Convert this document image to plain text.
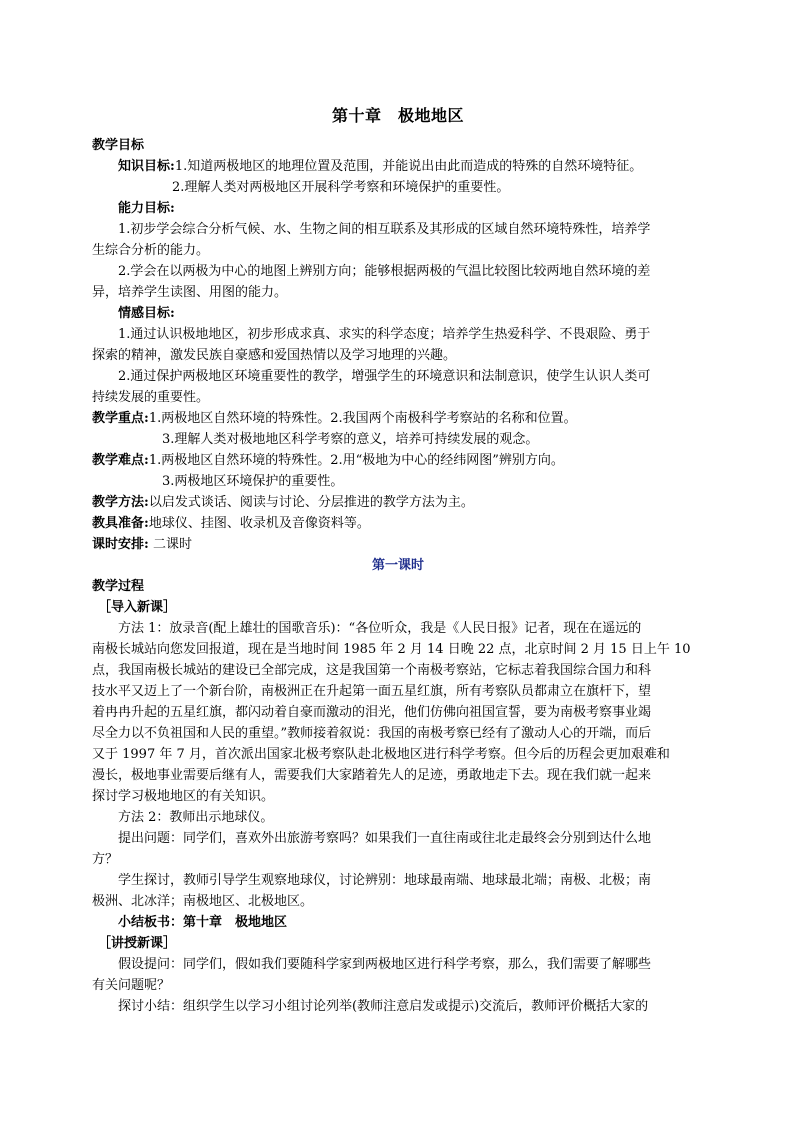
第十章　极地地区
教学目标
知识目标:1.知道两极地区的地理位置及范围，并能说出由此而造成的特殊的自然环境特征。
2.理解人类对两极地区开展科学考察和环境保护的重要性。
能力目标:
1.初步学会综合分析气候、水、生物之间的相互联系及其形成的区域自然环境特殊性，培养学
生综合分析的能力。
2.学会在以两极为中心的地图上辨别方向；能够根据两极的气温比较图比较两地自然环境的差
异，培养学生读图、用图的能力。
情感目标:
1.通过认识极地地区，初步形成求真、求实的科学态度；培养学生热爱科学、不畏艰险、勇于
探索的精神，激发民族自豪感和爱国热情以及学习地理的兴趣。
2.通过保护两极地区环境重要性的教学，增强学生的环境意识和法制意识，使学生认识人类可
持续发展的重要性。
教学重点:1.两极地区自然环境的特殊性。2.我国两个南极科学考察站的名称和位置。
3.理解人类对极地地区科学考察的意义，培养可持续发展的观念。
教学难点:1.两极地区自然环境的特殊性。2.用“极地为中心的经纬网图”辨别方向。
3.两极地区环境保护的重要性。
教学方法:以启发式谈话、阅读与讨论、分层推进的教学方法为主。
教具准备:地球仪、挂图、收录机及音像资料等。
课时安排: 二课时
第一课时
教学过程
［导入新课］
方法 1：放录音(配上雄壮的国歌音乐)：“各位听众，我是《人民日报》记者，现在在遥远的
南极长城站向您发回报道，现在是当地时间 1985 年 2 月 14 日晚 22 点，北京时间 2 月 15 日上午 10
点，我国南极长城站的建设已全部完成，这是我国第一个南极考察站，它标志着我国综合国力和科
技水平又迈上了一个新台阶，南极洲正在升起第一面五星红旗，所有考察队员都肃立在旗杆下，望
着冉冉升起的五星红旗，都闪动着自豪而激动的泪光，他们仿佛向祖国宣誓，要为南极考察事业竭
尽全力以不负祖国和人民的重望。”教师接着叙说：我国的南极考察已经有了激动人心的开端，而后
又于 1997 年 7 月，首次派出国家北极考察队赴北极地区进行科学考察。但今后的历程会更加艰难和
漫长，极地事业需要后继有人，需要我们大家踏着先人的足迹，勇敢地走下去。现在我们就一起来
探讨学习极地地区的有关知识。
方法 2：教师出示地球仪。
提出问题：同学们，喜欢外出旅游考察吗？如果我们一直往南或往北走最终会分别到达什么地
方？
学生探讨，教师引导学生观察地球仪，讨论辨别：地球最南端、地球最北端；南极、北极；南
极洲、北冰洋；南极地区、北极地区。
小结板书：第十章　极地地区
［讲授新课］
假设提问：同学们，假如我们要随科学家到两极地区进行科学考察，那么，我们需要了解哪些
有关问题呢？
探讨小结：组织学生以学习小组讨论列举(教师注意启发或提示)交流后，教师评价概括大家的
